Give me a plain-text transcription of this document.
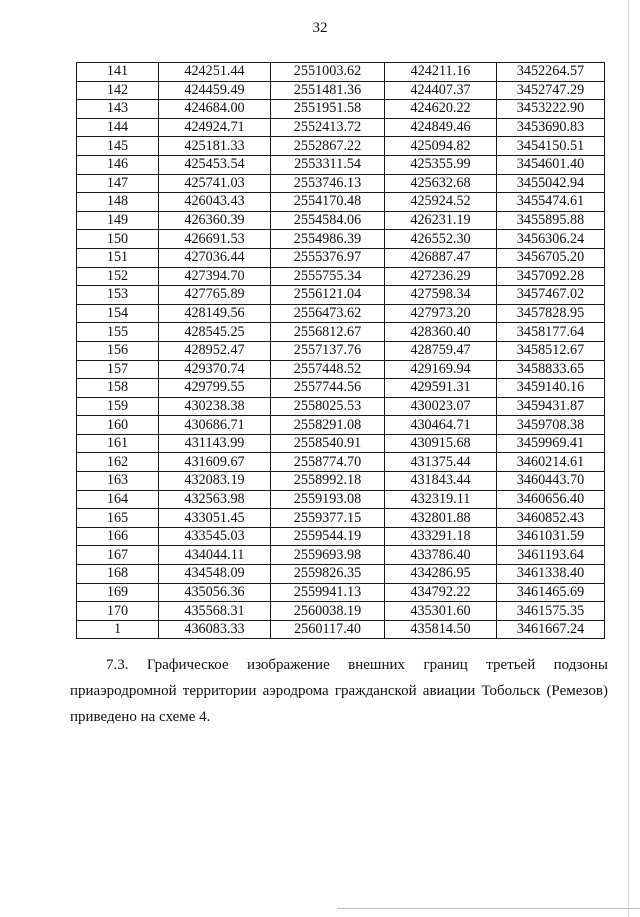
32
141	424251.44	2551003.62	424211.16	3452264.57
142	424459.49	2551481.36	424407.37	3452747.29
143	424684.00	2551951.58	424620.22	3453222.90
144	424924.71	2552413.72	424849.46	3453690.83
145	425181.33	2552867.22	425094.82	3454150.51
146	425453.54	2553311.54	425355.99	3454601.40
147	425741.03	2553746.13	425632.68	3455042.94
148	426043.43	2554170.48	425924.52	3455474.61
149	426360.39	2554584.06	426231.19	3455895.88
150	426691.53	2554986.39	426552.30	3456306.24
151	427036.44	2555376.97	426887.47	3456705.20
152	427394.70	2555755.34	427236.29	3457092.28
153	427765.89	2556121.04	427598.34	3457467.02
154	428149.56	2556473.62	427973.20	3457828.95
155	428545.25	2556812.67	428360.40	3458177.64
156	428952.47	2557137.76	428759.47	3458512.67
157	429370.74	2557448.52	429169.94	3458833.65
158	429799.55	2557744.56	429591.31	3459140.16
159	430238.38	2558025.53	430023.07	3459431.87
160	430686.71	2558291.08	430464.71	3459708.38
161	431143.99	2558540.91	430915.68	3459969.41
162	431609.67	2558774.70	431375.44	3460214.61
163	432083.19	2558992.18	431843.44	3460443.70
164	432563.98	2559193.08	432319.11	3460656.40
165	433051.45	2559377.15	432801.88	3460852.43
166	433545.03	2559544.19	433291.18	3461031.59
167	434044.11	2559693.98	433786.40	3461193.64
168	434548.09	2559826.35	434286.95	3461338.40
169	435056.36	2559941.13	434792.22	3461465.69
170	435568.31	2560038.19	435301.60	3461575.35
1	436083.33	2560117.40	435814.50	3461667.24
7.3. Графическое изображение внешних границ третьей подзоны
приаэродромной территории аэродрома гражданской авиации Тобольск (Ремезов)
приведено на схеме 4.
